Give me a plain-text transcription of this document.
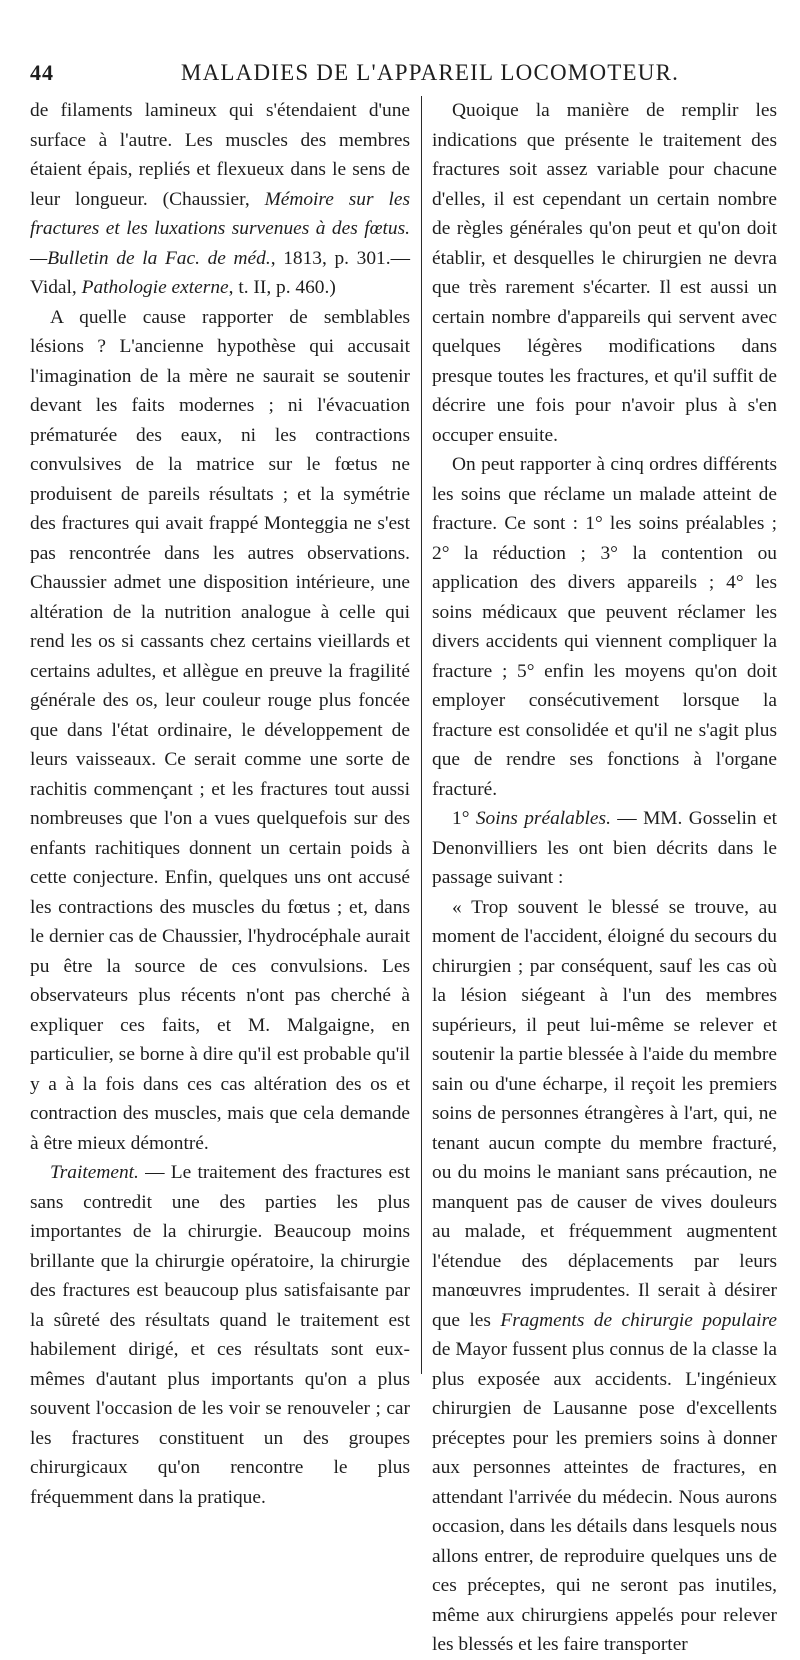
44	MALADIES DE L'APPAREIL LOCOMOTEUR.

de filaments lamineux qui s'étendaient d'une surface à l'autre. Les muscles des membres étaient épais, repliés et flexueux dans le sens de leur longueur. (Chaussier, Mémoire sur les fractures et les luxations survenues à des fœtus.—Bulletin de la Fac. de méd., 1813, p. 301.—Vidal, Pathologie externe, t. II, p. 460.)

A quelle cause rapporter de semblables lésions ? L'ancienne hypothèse qui accusait l'imagination de la mère ne saurait se soutenir devant les faits modernes ; ni l'évacuation prématurée des eaux, ni les contractions convulsives de la matrice sur le fœtus ne produisent de pareils résultats ; et la symétrie des fractures qui avait frappé Monteggia ne s'est pas rencontrée dans les autres observations. Chaussier admet une disposition intérieure, une altération de la nutrition analogue à celle qui rend les os si cassants chez certains vieillards et certains adultes, et allègue en preuve la fragilité générale des os, leur couleur rouge plus foncée que dans l'état ordinaire, le développement de leurs vaisseaux. Ce serait comme une sorte de rachitis commençant ; et les fractures tout aussi nombreuses que l'on a vues quelquefois sur des enfants rachitiques donnent un certain poids à cette conjecture. Enfin, quelques uns ont accusé les contractions des muscles du fœtus ; et, dans le dernier cas de Chaussier, l'hydrocéphale aurait pu être la source de ces convulsions. Les observateurs plus récents n'ont pas cherché à expliquer ces faits, et M. Malgaigne, en particulier, se borne à dire qu'il est probable qu'il y a à la fois dans ces cas altération des os et contraction des muscles, mais que cela demande à être mieux démontré.

Traitement. — Le traitement des fractures est sans contredit une des parties les plus importantes de la chirurgie. Beaucoup moins brillante que la chirurgie opératoire, la chirurgie des fractures est beaucoup plus satisfaisante par la sûreté des résultats quand le traitement est habilement dirigé, et ces résultats sont eux-mêmes d'autant plus importants qu'on a plus souvent l'occasion de les voir se renouveler ; car les fractures constituent un des groupes chirurgicaux qu'on rencontre le plus fréquemment dans la pratique.

Quoique la manière de remplir les indications que présente le traitement des fractures soit assez variable pour chacune d'elles, il est cependant un certain nombre de règles générales qu'on peut et qu'on doit établir, et desquelles le chirurgien ne devra que très rarement s'écarter. Il est aussi un certain nombre d'appareils qui servent avec quelques légères modifications dans presque toutes les fractures, et qu'il suffit de décrire une fois pour n'avoir plus à s'en occuper ensuite.

On peut rapporter à cinq ordres différents les soins que réclame un malade atteint de fracture. Ce sont : 1° les soins préalables ; 2° la réduction ; 3° la contention ou application des divers appareils ; 4° les soins médicaux que peuvent réclamer les divers accidents qui viennent compliquer la fracture ; 5° enfin les moyens qu'on doit employer consécutivement lorsque la fracture est consolidée et qu'il ne s'agit plus que de rendre ses fonctions à l'organe fracturé.

1° Soins préalables. — MM. Gosselin et Denonvilliers les ont bien décrits dans le passage suivant :

« Trop souvent le blessé se trouve, au moment de l'accident, éloigné du secours du chirurgien ; par conséquent, sauf les cas où la lésion siégeant à l'un des membres supérieurs, il peut lui-même se relever et soutenir la partie blessée à l'aide du membre sain ou d'une écharpe, il reçoit les premiers soins de personnes étrangères à l'art, qui, ne tenant aucun compte du membre fracturé, ou du moins le maniant sans précaution, ne manquent pas de causer de vives douleurs au malade, et fréquemment augmentent l'étendue des déplacements par leurs manœuvres imprudentes. Il serait à désirer que les Fragments de chirurgie populaire de Mayor fussent plus connus de la classe la plus exposée aux accidents. L'ingénieux chirurgien de Lausanne pose d'excellents préceptes pour les premiers soins à donner aux personnes atteintes de fractures, en attendant l'arrivée du médecin. Nous aurons occasion, dans les détails dans lesquels nous allons entrer, de reproduire quelques uns de ces préceptes, qui ne seront pas inutiles, même aux chirurgiens appelés pour relever les blessés et les faire transporter
